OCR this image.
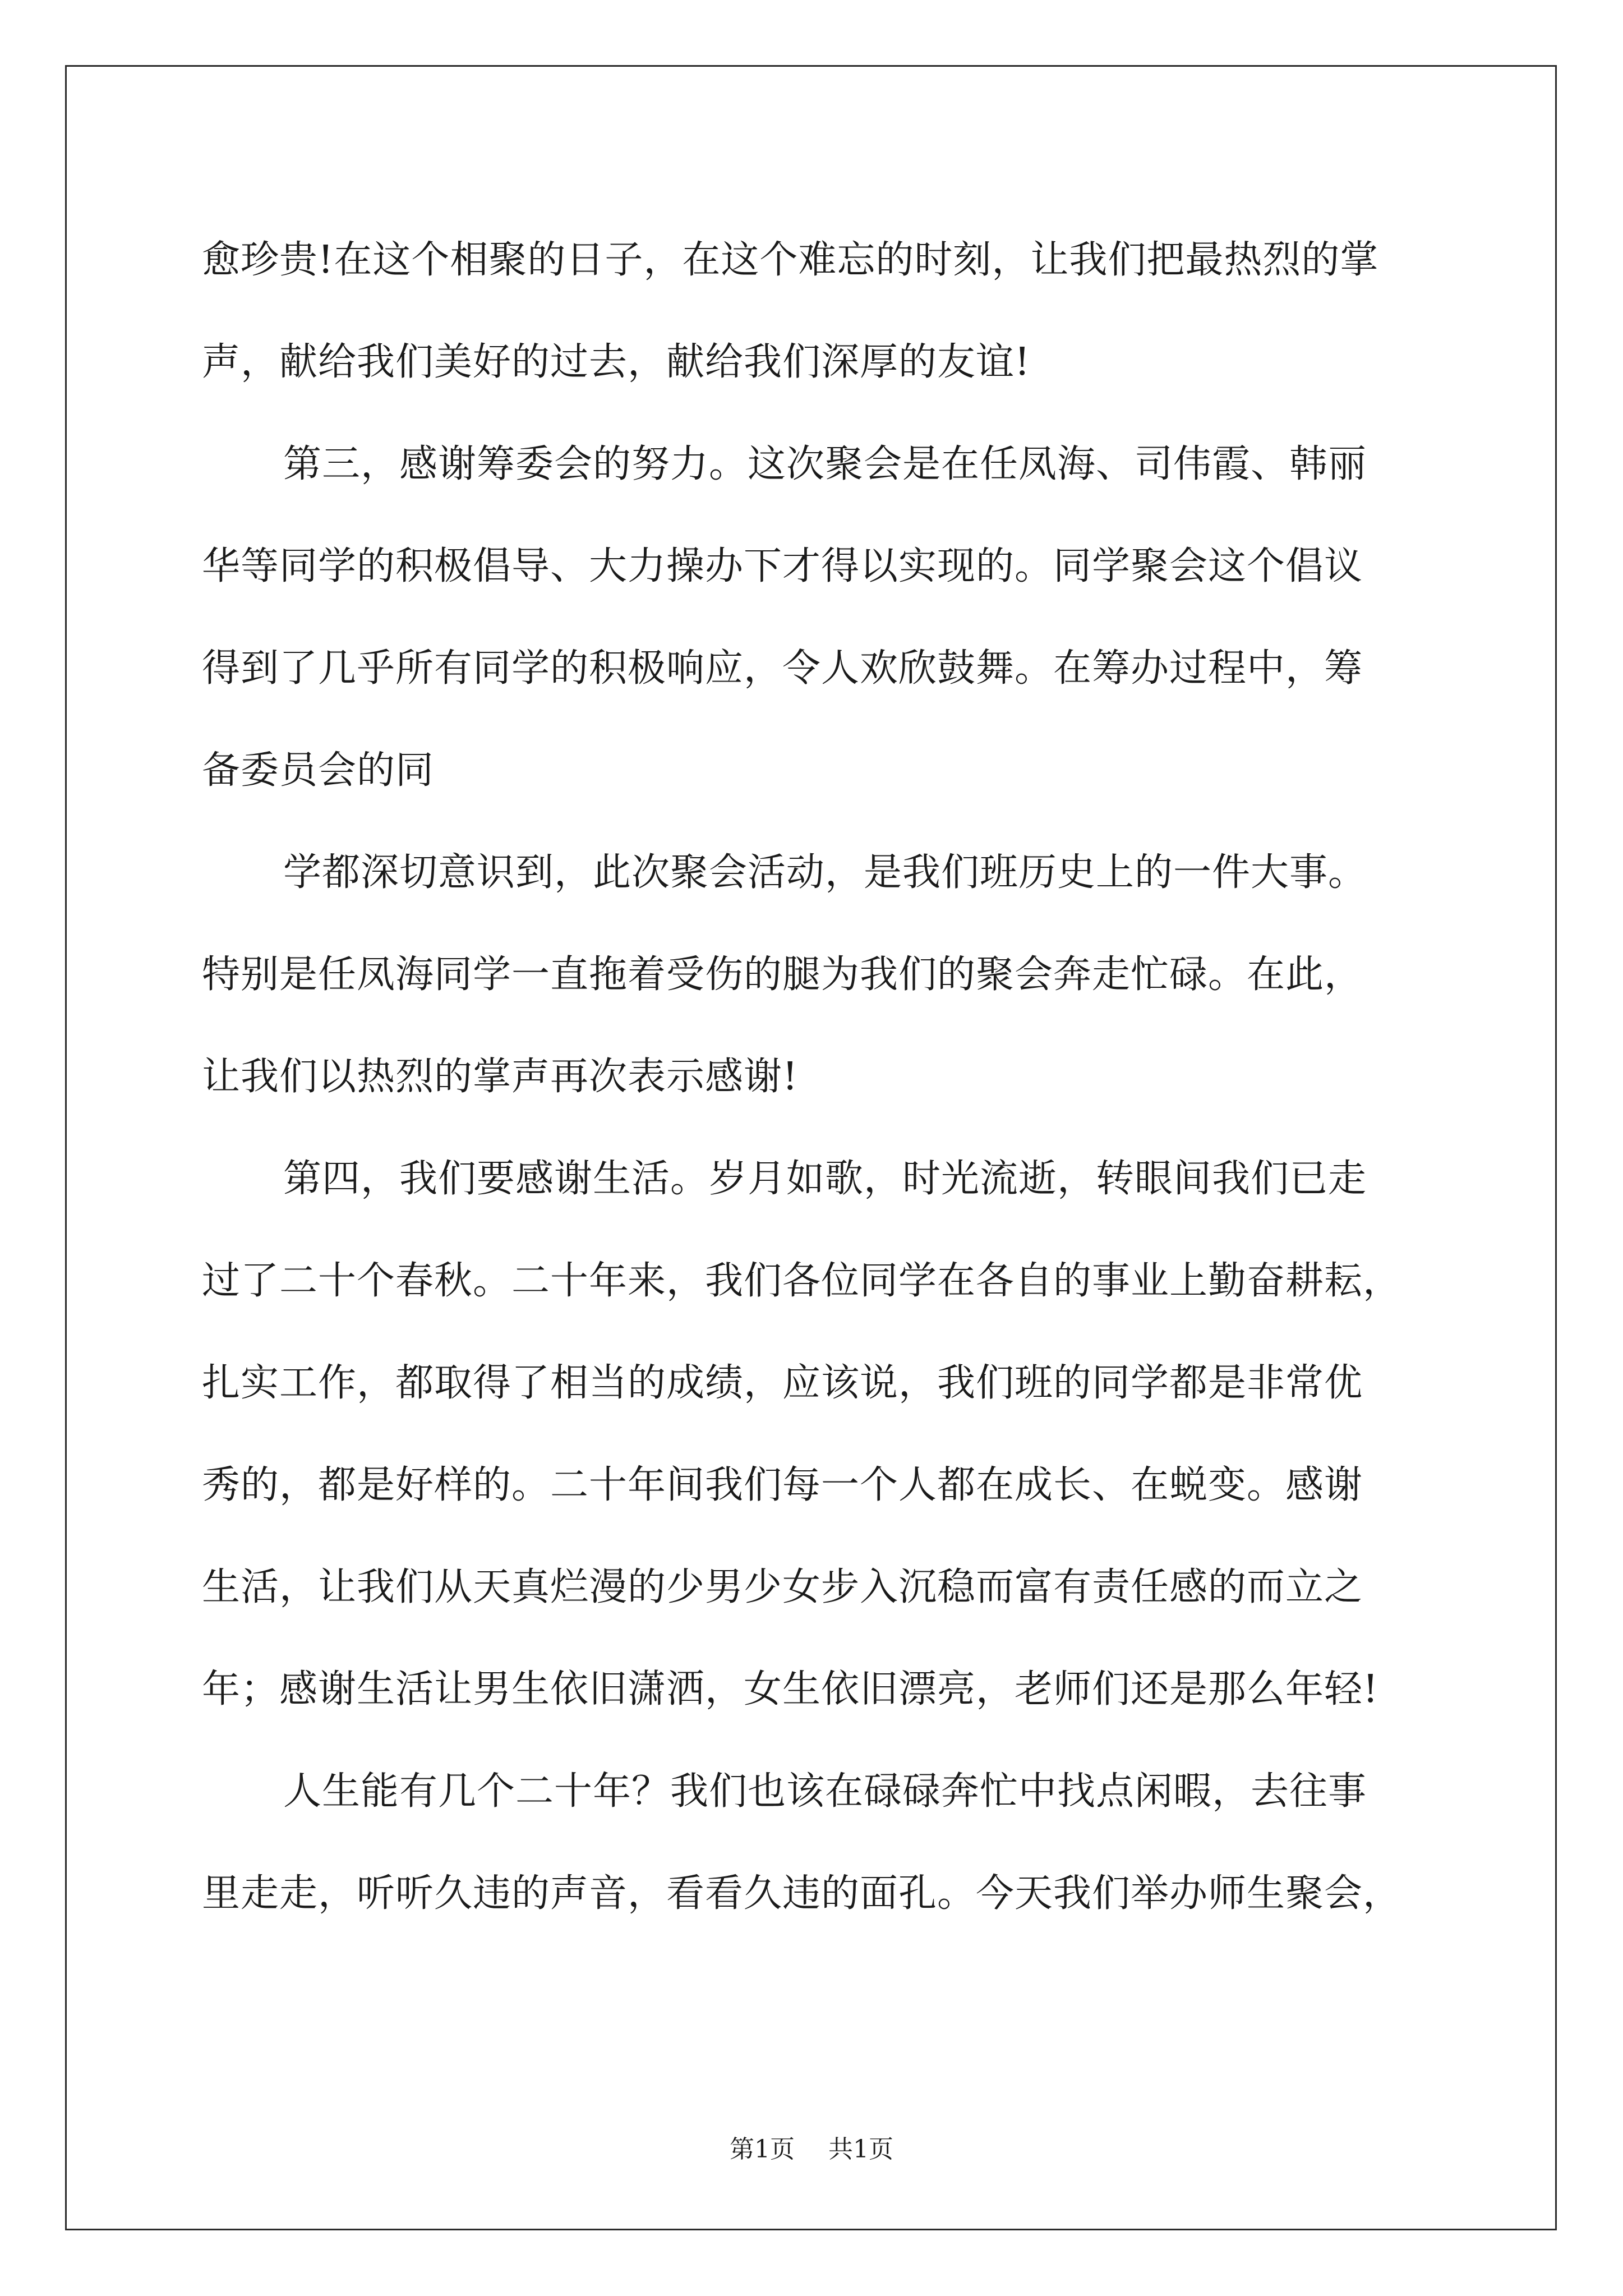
愈珍贵!在这个相聚的日子，在这个难忘的时刻，让我们把最热烈的掌
声，献给我们美好的过去，献给我们深厚的友谊!
第三，感谢筹委会的努力。这次聚会是在任凤海、司伟霞、韩丽
华等同学的积极倡导、大力操办下才得以实现的。同学聚会这个倡议
得到了几乎所有同学的积极响应，令人欢欣鼓舞。在筹办过程中，筹
备委员会的同
学都深切意识到，此次聚会活动，是我们班历史上的一件大事。
特别是任凤海同学一直拖着受伤的腿为我们的聚会奔走忙碌。在此，
让我们以热烈的掌声再次表示感谢!
第四，我们要感谢生活。岁月如歌，时光流逝，转眼间我们已走
过了二十个春秋。二十年来，我们各位同学在各自的事业上勤奋耕耘，
扎实工作，都取得了相当的成绩，应该说，我们班的同学都是非常优
秀的，都是好样的。二十年间我们每一个人都在成长、在蜕变。感谢
生活，让我们从天真烂漫的少男少女步入沉稳而富有责任感的而立之
年；感谢生活让男生依旧潇洒，女生依旧漂亮，老师们还是那么年轻!
人生能有几个二十年？我们也该在碌碌奔忙中找点闲暇，去往事
里走走，听听久违的声音，看看久违的面孔。今天我们举办师生聚会，
第1页 共1页
